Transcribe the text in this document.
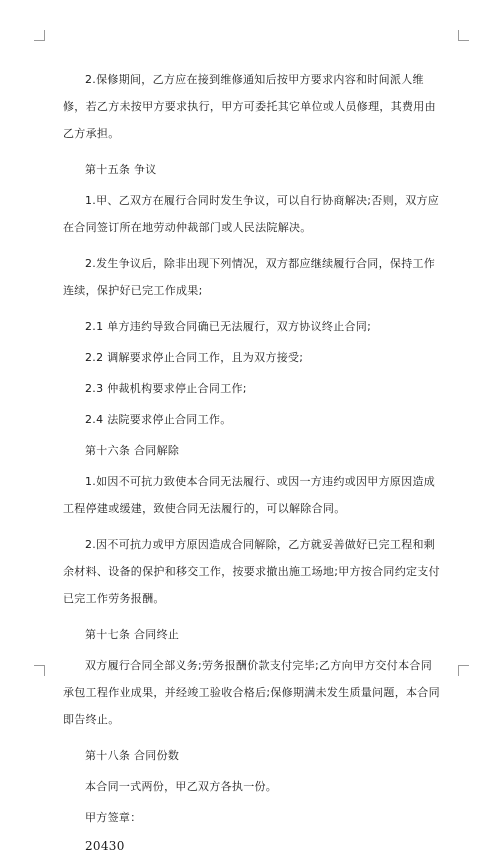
2.保修期间，乙方应在接到维修通知后按甲方要求内容和时间派人维修，若乙方未按甲方要求执行，甲方可委托其它单位或人员修理，其费用由乙方承担。

第十五条 争议

1.甲、乙双方在履行合同时发生争议，可以自行协商解决;否则，双方应在合同签订所在地劳动仲裁部门或人民法院解决。

2.发生争议后，除非出现下列情况，双方都应继续履行合同，保持工作连续，保护好已完工作成果;

2.1 单方违约导致合同确已无法履行，双方协议终止合同;

2.2 调解要求停止合同工作，且为双方接受;

2.3 仲裁机构要求停止合同工作;

2.4 法院要求停止合同工作。

第十六条 合同解除

1.如因不可抗力致使本合同无法履行、或因一方违约或因甲方原因造成工程停建或缓建，致使合同无法履行的，可以解除合同。

2.因不可抗力或甲方原因造成合同解除，乙方就妥善做好已完工程和剩余材料、设备的保护和移交工作，按要求撤出施工场地;甲方按合同约定支付已完工作劳务报酬。

第十七条 合同终止

双方履行合同全部义务;劳务报酬价款支付完毕;乙方向甲方交付本合同承包工程作业成果，并经竣工验收合格后;保修期满未发生质量问题，本合同即告终止。

第十八条 合同份数

本合同一式两份，甲乙双方各执一份。

甲方签章：

20430
